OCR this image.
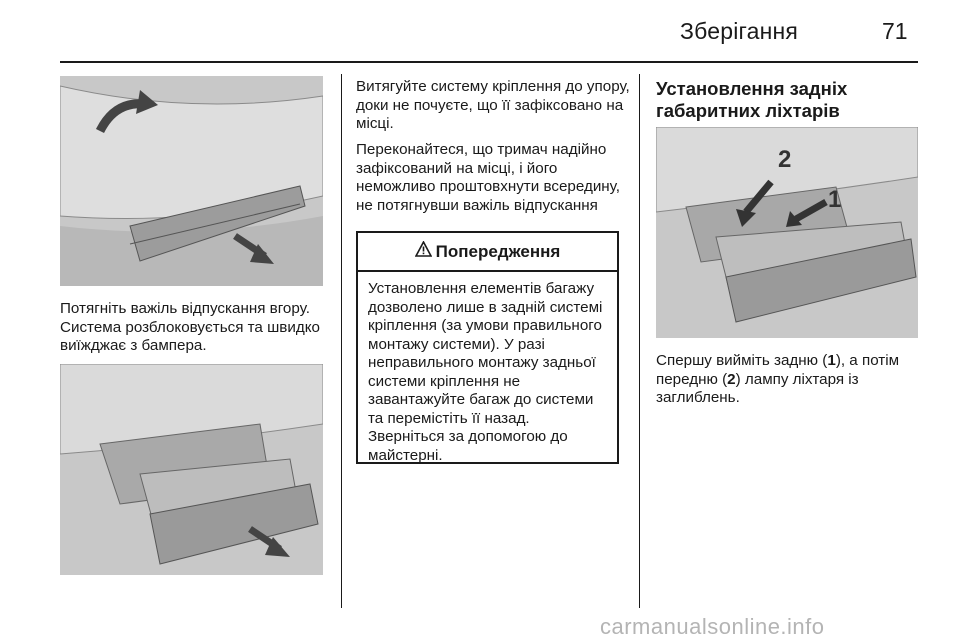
Зберігання	71
Потягніть важіль відпускання вгору. Система розблоковується та швидко виїжджає з бампера.
Витягуйте систему кріплення до упору, доки не почуєте, що її зафіксовано на місці.
Переконайтеся, що тримач надійно зафіксований на місці, і його неможливо проштовхнути всередину, не потягнувши важіль відпускання
Попередження
Установлення елементів багажу дозволено лише в задній системі кріплення (за умови правильного монтажу системи). У разі неправильного монтажу задньої системи кріплення не завантажуйте багаж до системи та перемістіть її назад. Зверніться за допомогою до майстерні.
Установлення задніх габаритних ліхтарів
2
1
Спершу вийміть задню (1), а потім передню (2) лампу ліхтаря із заглиблень.
carmanualsonline.info
